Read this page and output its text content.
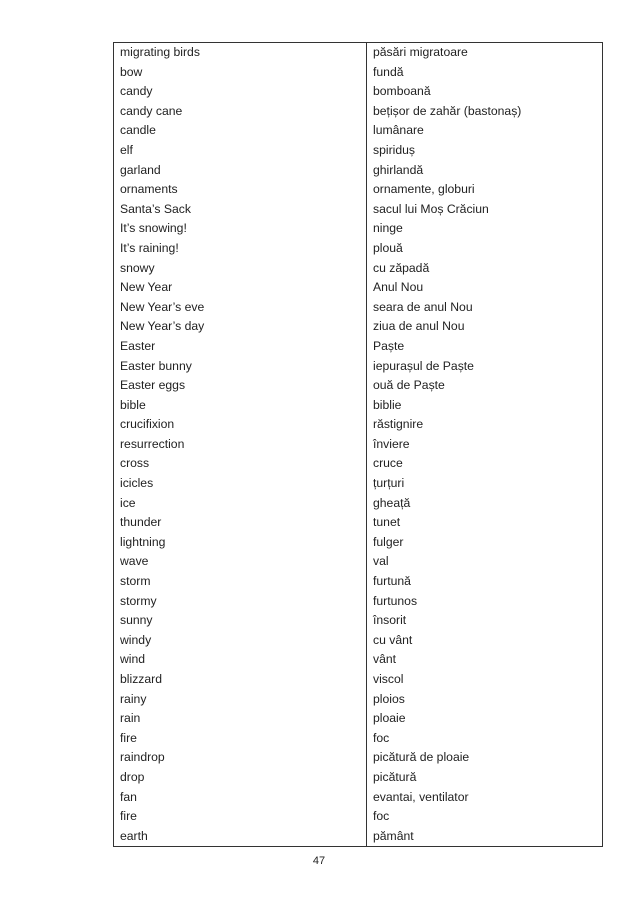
migrating birds	păsări migratoare
bow	fundă
candy	bomboană
candy cane	bețișor de zahăr (bastonaș)
candle	lumânare
elf	spiriduș
garland	ghirlandă
ornaments	ornamente, globuri
Santa’s Sack	sacul lui Moș Crăciun
It’s snowing!	ninge
It’s raining!	plouă
snowy	cu zăpadă
New Year	Anul Nou
New Year’s eve	seara de anul Nou
New Year’s day	ziua de anul Nou
Easter	Paște
Easter bunny	iepurașul de Paște
Easter eggs	ouă de Paște
bible	biblie
crucifixion	răstignire
resurrection	înviere
cross	cruce
icicles	țurțuri
ice	gheață
thunder	tunet
lightning	fulger
wave	val
storm	furtună
stormy	furtunos
sunny	însorit
windy	cu vânt
wind	vânt
blizzard	viscol
rainy	ploios
rain	ploaie
fire	foc
raindrop	picătură de ploaie
drop	picătură
fan	evantai, ventilator
fire	foc
earth	pământ
47
